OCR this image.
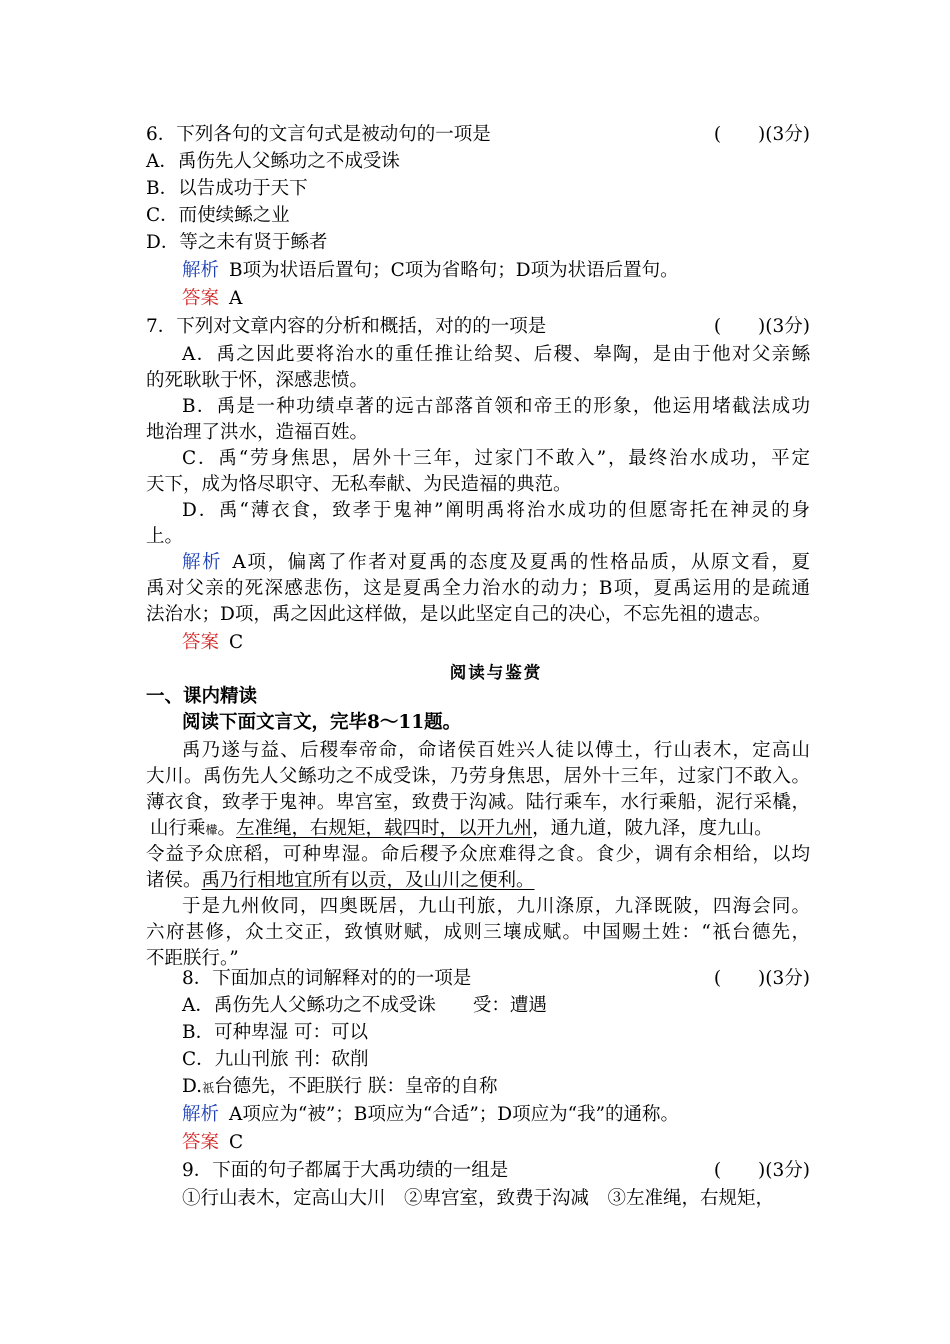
6．下列各句的文言句式是被动句的一项是	(　　)(3分)
A．禹伤先人父鲧功之不成受诛
B．以告成功于天下
C．而使续鲧之业
D．等之未有贤于鲧者
解析 B项为状语后置句；C项为省略句；D项为状语后置句。
答案 A
7．下列对文章内容的分析和概括，对的的一项是	(　　)(3分)
A．禹之因此要将治水的重任推让给契、后稷、皋陶，是由于他对父亲鲧
的死耿耿于怀，深感悲愤。
B．禹是一种功绩卓著的远古部落首领和帝王的形象，他运用堵截法成功
地治理了洪水，造福百姓。
C．禹“劳身焦思，居外十三年，过家门不敢入”，最终治水成功，平定
天下，成为恪尽职守、无私奉献、为民造福的典范。
D．禹“薄衣食，致孝于鬼神”阐明禹将治水成功的但愿寄托在神灵的身
上。
解析 A项，偏离了作者对夏禹的态度及夏禹的性格品质，从原文看，夏
禹对父亲的死深感悲伤，这是夏禹全力治水的动力；B项，夏禹运用的是疏通
法治水；D项，禹之因此这样做，是以此坚定自己的决心，不忘先祖的遗志。
答案 C
阅读与鉴赏
一、课内精读
阅读下面文言文，完毕8～11题。
禹乃遂与益、后稷奉帝命，命诸侯百姓兴人徒以傅土，行山表木，定高山
大川。禹伤先人父鲧功之不成受诛，乃劳身焦思，居外十三年，过家门不敢入。
薄衣食，致孝于鬼神。卑宫室，致费于沟减。陆行乘车，水行乘船，泥行采橇，
山行乘檋。左准绳，右规矩，载四时，以开九州，通九道，陂九泽，度九山。
令益予众庶稻，可种卑湿。命后稷予众庶难得之食。食少，调有余相给，以均
诸侯。禹乃行相地宜所有以贡，及山川之便利。
于是九州攸同，四奥既居，九山刊旅，九川涤原，九泽既陂，四海会同。
六府甚修，众土交正，致慎财赋，成则三壤成赋。中国赐土姓：“祇台德先，
不距朕行。”
8．下面加点的词解释对的的一项是	(　　)(3分)
A．禹伤先人父鲧功之不成受诛　　受：遭遇
B．可种卑湿 可：可以
C．九山刊旅 刊：砍削
D.祇台德先，不距朕行 朕：皇帝的自称
解析 A项应为“被”；B项应为“合适”；D项应为“我”的通称。
答案 C
9．下面的句子都属于大禹功绩的一组是	(　　)(3分)
①行山表木，定高山大川　②卑宫室，致费于沟减　③左准绳，右规矩，
